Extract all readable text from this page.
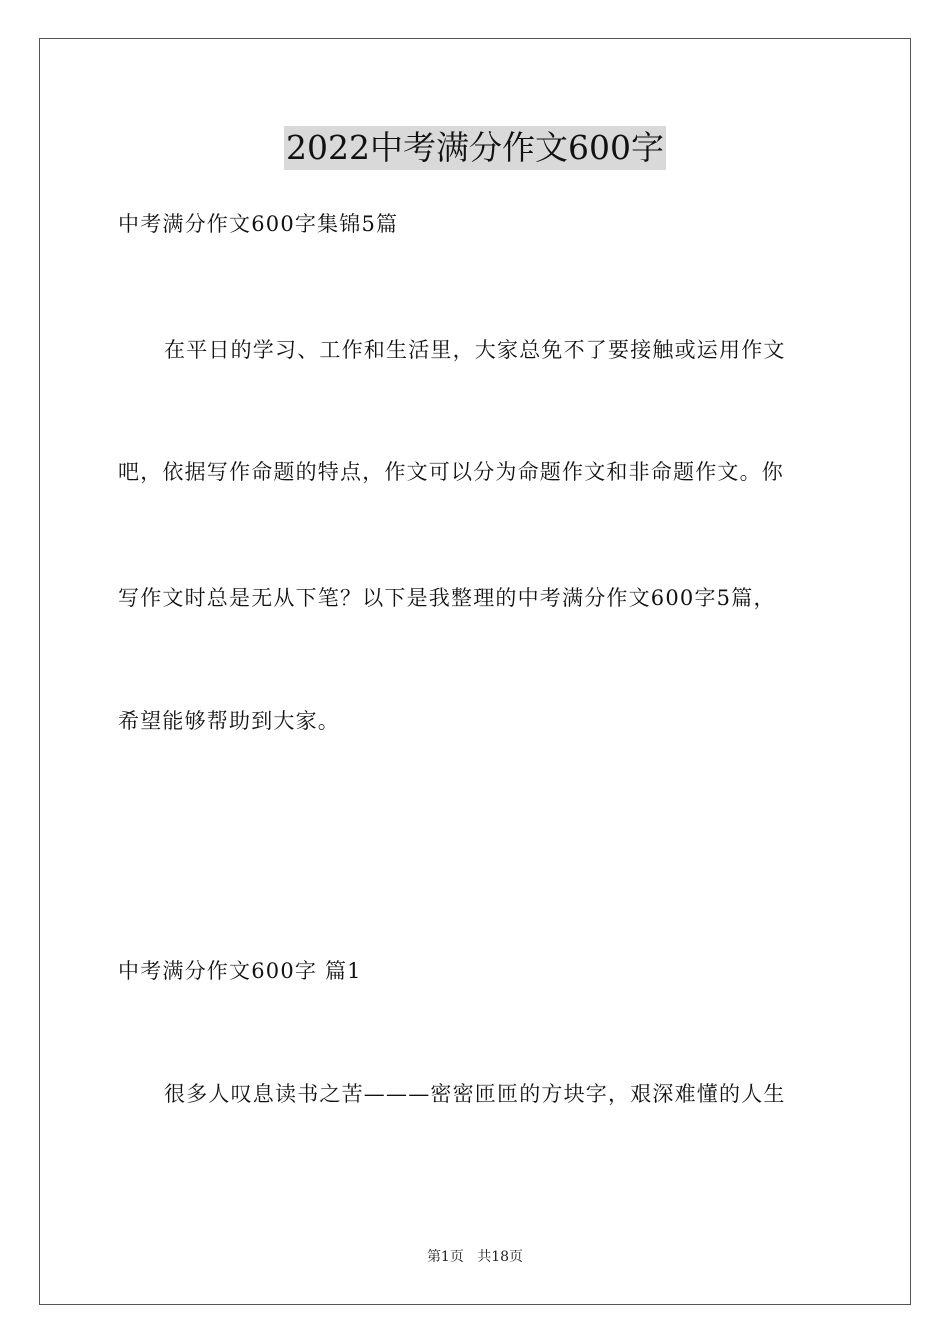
2022中考满分作文600字
中考满分作文600字集锦5篇
在平日的学习、工作和生活里，大家总免不了要接触或运用作文
吧，依据写作命题的特点，作文可以分为命题作文和非命题作文。你
写作文时总是无从下笔？以下是我整理的中考满分作文600字5篇，
希望能够帮助到大家。
中考满分作文600字 篇1
很多人叹息读书之苦———密密匝匝的方块字，艰深难懂的人生
第1页 共18页
